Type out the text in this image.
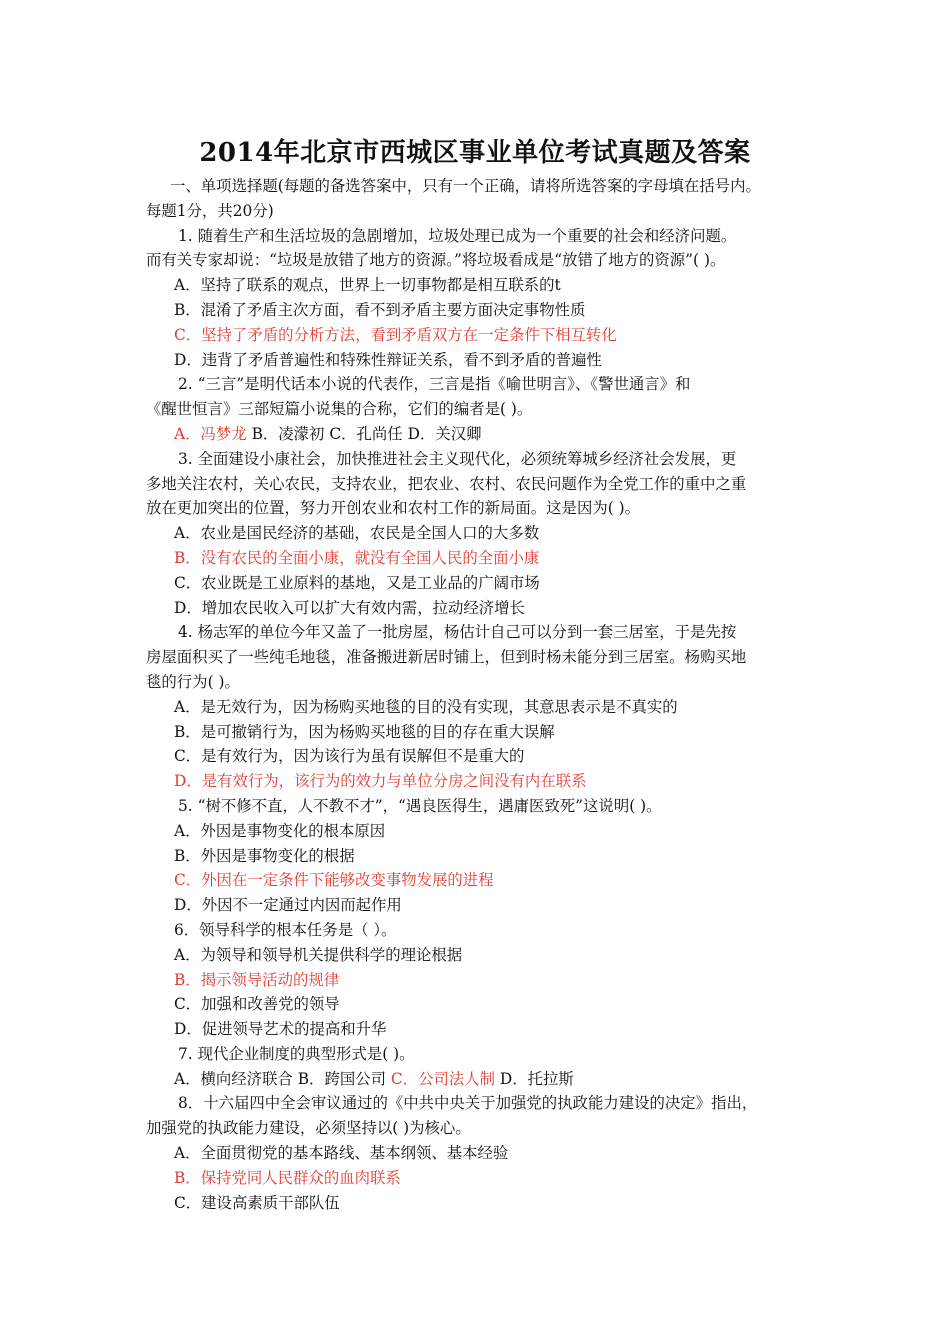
2014年北京市西城区事业单位考试真题及答案
一、单项选择题(每题的备选答案中，只有一个正确，请将所选答案的字母填在括号内。
每题1分，共20分)
1. 随着生产和生活垃圾的急剧增加，垃圾处理已成为一个重要的社会和经济问题。
而有关专家却说：“垃圾是放错了地方的资源。”将垃圾看成是“放错了地方的资源”( )。
A．坚持了联系的观点，世界上一切事物都是相互联系的t
B．混淆了矛盾主次方面，看不到矛盾主要方面决定事物性质
C．坚持了矛盾的分析方法，看到矛盾双方在一定条件下相互转化
D．违背了矛盾普遍性和特殊性辩证关系，看不到矛盾的普遍性
2. “三言”是明代话本小说的代表作，三言是指《喻世明言》、《警世通言》和
《醒世恒言》三部短篇小说集的合称，它们的编者是( )。
A．冯梦龙 B．凌濛初 C．孔尚任 D．关汉卿
3. 全面建设小康社会，加快推进社会主义现代化，必须统筹城乡经济社会发展，更
多地关注农村，关心农民，支持农业，把农业、农村、农民问题作为全党工作的重中之重
放在更加突出的位置，努力开创农业和农村工作的新局面。这是因为( )。
A．农业是国民经济的基础，农民是全国人口的大多数
B．没有农民的全面小康，就没有全国人民的全面小康
C．农业既是工业原料的基地，又是工业品的广阔市场
D．增加农民收入可以扩大有效内需，拉动经济增长
4. 杨志军的单位今年又盖了一批房屋，杨估计自己可以分到一套三居室，于是先按
房屋面积买了一些纯毛地毯，准备搬进新居时铺上，但到时杨未能分到三居室。杨购买地
毯的行为( )。
A．是无效行为，因为杨购买地毯的目的没有实现，其意思表示是不真实的
B．是可撤销行为，因为杨购买地毯的目的存在重大误解
C．是有效行为，因为该行为虽有误解但不是重大的
D．是有效行为，该行为的效力与单位分房之间没有内在联系
5. “树不修不直，人不教不才”，“遇良医得生，遇庸医致死”这说明( )。
A．外因是事物变化的根本原因
B．外因是事物变化的根据
C．外因在一定条件下能够改变事物发展的进程
D．外因不一定通过内因而起作用
6．领导科学的根本任务是（ ）。
A．为领导和领导机关提供科学的理论根据
B．揭示领导活动的规律
C．加强和改善党的领导
D．促进领导艺术的提高和升华
7. 现代企业制度的典型形式是( )。
A．横向经济联合 B．跨国公司 C．公司法人制 D．托拉斯
8．十六届四中全会审议通过的《中共中央关于加强党的执政能力建设的决定》指出，
加强党的执政能力建设，必须坚持以( )为核心。
A．全面贯彻党的基本路线、基本纲领、基本经验
B．保持党同人民群众的血肉联系
C．建设高素质干部队伍
